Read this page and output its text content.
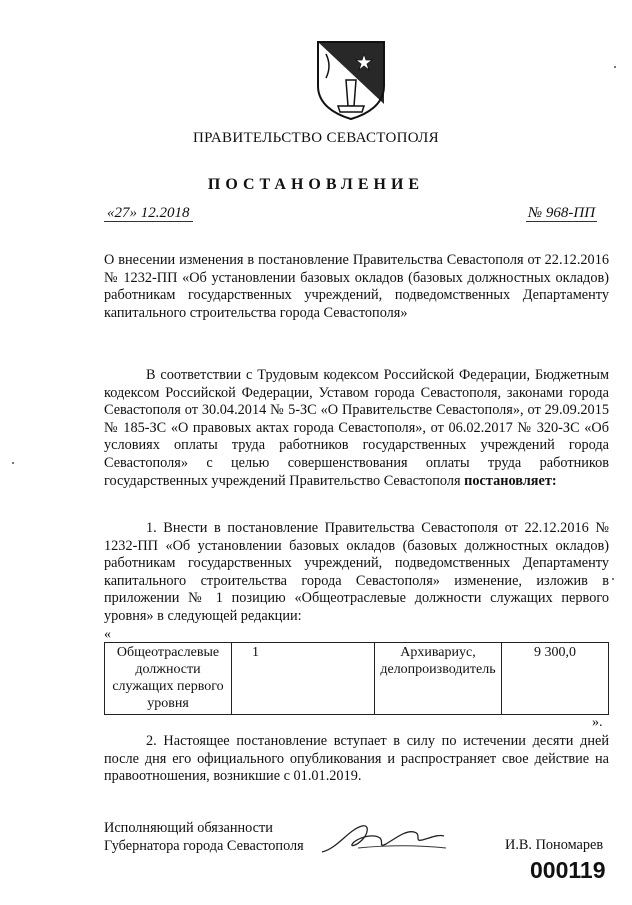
ПРАВИТЕЛЬСТВО СЕВАСТОПОЛЯ
ПОСТАНОВЛЕНИЕ
«27» 12.2018	№ 968-ПП
О внесении изменения в постановление Правительства Севастополя от 22.12.2016 № 1232-ПП «Об установлении базовых окладов (базовых должностных окладов) работникам государственных учреждений, подведомственных Департаменту капитального строительства города Севастополя»
В соответствии с Трудовым кодексом Российской Федерации, Бюджетным кодексом Российской Федерации, Уставом города Севастополя, законами города Севастополя от 30.04.2014 № 5-ЗС «О Правительстве Севастополя», от 29.09.2015 № 185-ЗС «О правовых актах города Севастополя», от 06.02.2017 № 320-ЗС «Об условиях оплаты труда работников государственных учреждений города Севастополя» с целью совершенствования оплаты труда работников государственных учреждений Правительство Севастополя постановляет:
1. Внести в постановление Правительства Севастополя от 22.12.2016 № 1232-ПП «Об установлении базовых окладов (базовых должностных окладов) работникам государственных учреждений, подведомственных Департаменту капитального строительства города Севастополя» изменение, изложив в приложении № 1 позицию «Общеотраслевые должности служащих первого уровня» в следующей редакции:
«
Общеотраслевые должности служащих первого уровня	1	Архивариус, делопроизводитель	9 300,0
».
2. Настоящее постановление вступает в силу по истечении десяти дней после дня его официального опубликования и распространяет свое действие на правоотношения, возникшие с 01.01.2019.
Исполняющий обязанности
Губернатора города Севастополя	И.В. Пономарев
000119
